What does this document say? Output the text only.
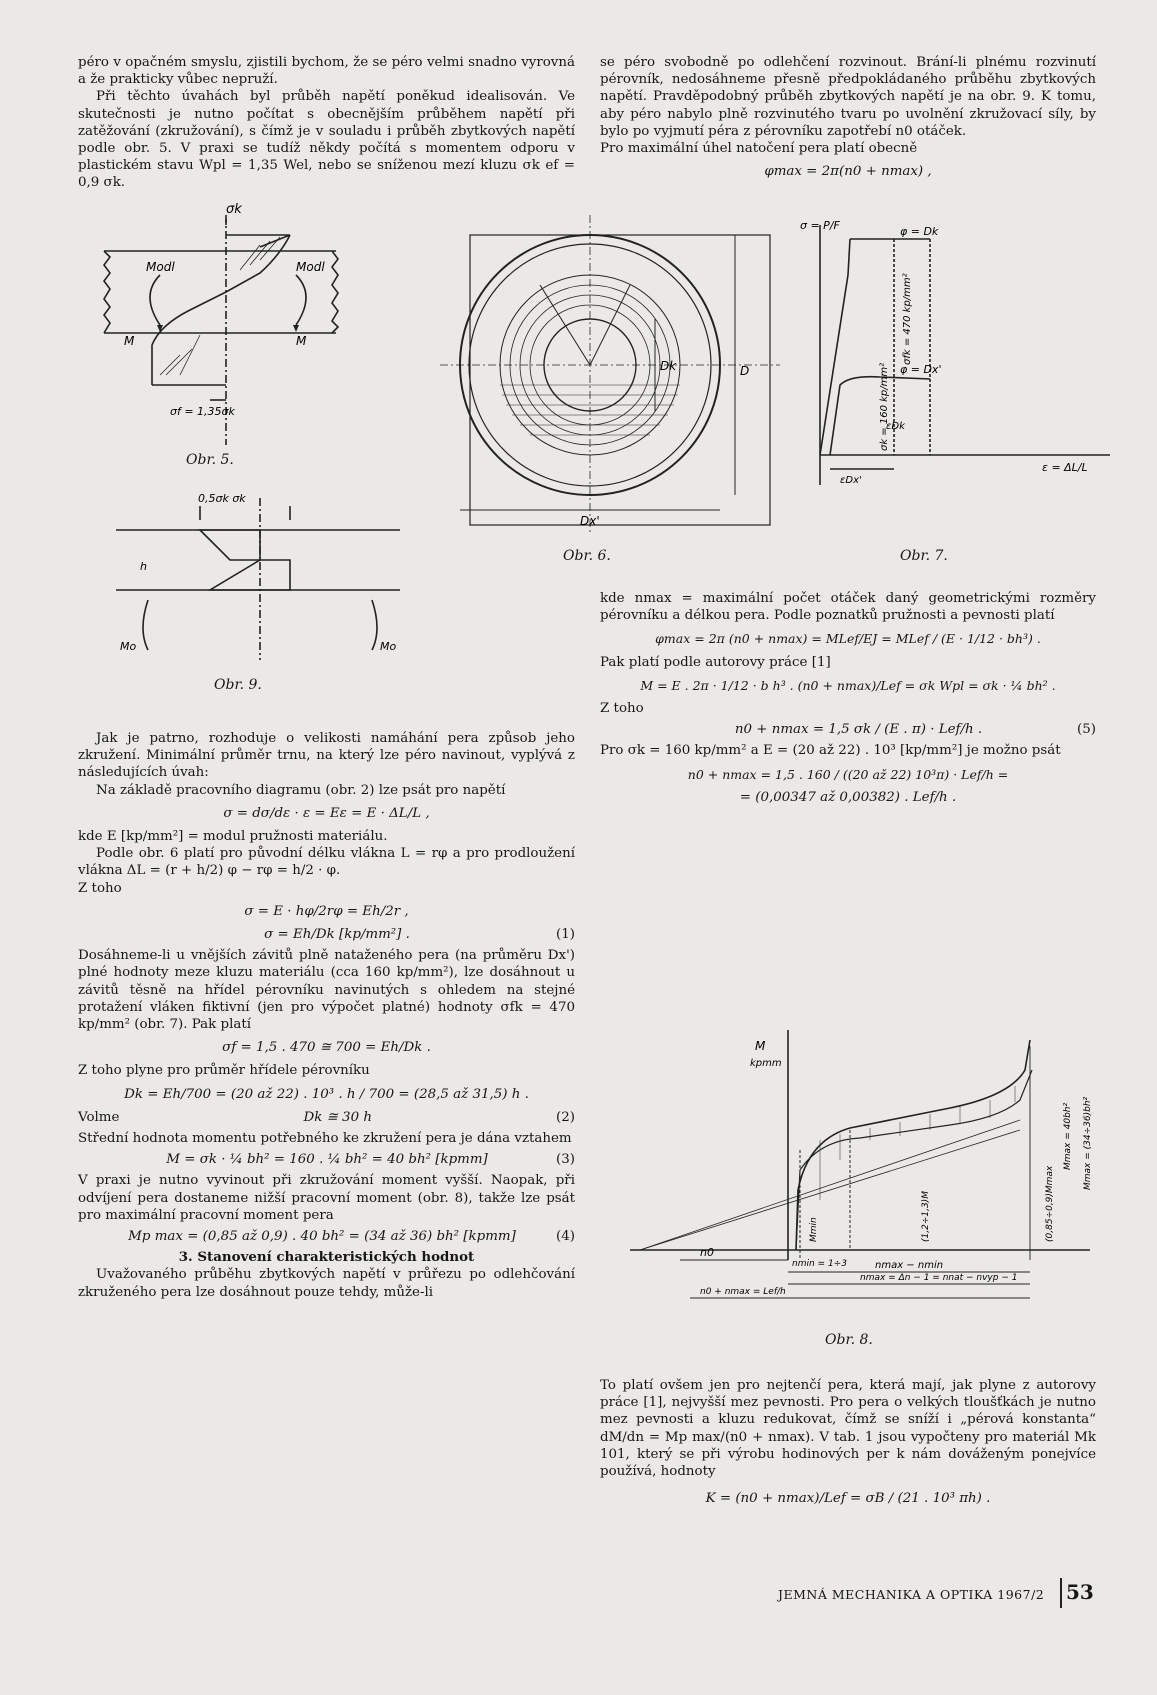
péro v opačném smyslu, zjistili bychom, že se péro velmi snadno vyrovná a že prakticky vůbec nepruží.

Při těchto úvahách byl průběh napětí poněkud idealisován. Ve skutečnosti je nutno počítat s obecnějším průběhem napětí při zatěžování (zkružování), s čímž je v souladu i průběh zbytkových napětí podle obr. 5. V praxi se tudíž někdy počítá s momentem odporu v plastickém stavu Wpl = 1,35 Wel, nebo se sníženou mezí kluzu σk ef = 0,9 σk.

σk
Modl	Modl
M	M
σf = 1,35σk
Obr. 5.
0,5σk σk
Mo	Mo
h
Obr. 9.

Jak je patrno, rozhoduje o velikosti namáhání pera způsob jeho zkružení. Minimální průměr trnu, na který lze péro navinout, vyplývá z následujících úvah:

Na základě pracovního diagramu (obr. 2) lze psát pro napětí

σ = dσ/dε · ε = Eε = E · ΔL/L ,

kde E [kp/mm²] = modul pružnosti materiálu.

Podle obr. 6 platí pro původní délku vlákna L = rφ a pro prodloužení vlákna ΔL = (r + h/2) φ − rφ = h/2 · φ.

Z toho

σ = E · hφ/2rφ = Eh/2r ,
σ = Eh/Dk [kp/mm²] .	(1)

Dosáhneme-li u vnějších závitů plně nataženého pera (na průměru Dx') plné hodnoty meze kluzu materiálu (cca 160 kp/mm²), lze dosáhnout u závitů těsně na hřídel pérovníku navinutých s ohledem na stejné protažení vláken fiktivní (jen pro výpočet platné) hodnoty σfk = 470 kp/mm² (obr. 7). Pak platí

σf = 1,5 . 470 ≅ 700 = Eh/Dk .

Z toho plyne pro průměr hřídele pérovníku

Dk = Eh/700 = (20 až 22) . 10³ . h / 700 = (28,5 až 31,5) h .
Volme	Dk ≅ 30 h	(2)

Střední hodnota momentu potřebného ke zkružení pera je dána vztahem

M = σk · ¼ bh² = 160 . ¼ bh² = 40 bh² [kpmm]	(3)

V praxi je nutno vyvinout při zkružování moment vyšší. Naopak, při odvíjení pera dostaneme nižší pracovní moment (obr. 8), takže lze psát pro maximální pracovní moment pera

Mp max = (0,85 až 0,9) . 40 bh² = (34 až 36) bh² [kpmm]	(4)

3. Stanovení charakteristických hodnot

Uvažovaného průběhu zbytkových napětí v průřezu po odlehčování zkruženého pera lze dosáhnout pouze tehdy, může-li

se péro svobodně po odlehčení rozvinout. Brání-li plnému rozvinutí pérovník, nedosáhneme přesně předpokládaného průběhu zbytkových napětí. Pravděpodobný průběh zbytkových napětí je na obr. 9. K tomu, aby péro nabylo plně rozvinutého tvaru po uvolnění zkružovací síly, by bylo po vyjmutí péra z pérovníku zapotřebí n0 otáček.

Pro maximální úhel natočení pera platí obecně

φmax = 2π(n0 + nmax) ,
Dk	D
Dx'
Obr. 6.
σ = P/F	φ = Dk
φ = Dx'
σfk = 470 kp/mm²
σk = 160 kp/mm²
εDx'
εDk
ε = ΔL/L
Obr. 7.

kde nmax = maximální počet otáček daný geometrickými rozměry pérovníku a délkou pera. Podle poznatků pružnosti a pevnosti platí

φmax = 2π (n0 + nmax) = MLef/EJ = MLef / (E · 1/12 · bh³) .

Pak platí podle autorovy práce [1]

M = E . 2π · 1/12 · b h³ . (n0 + nmax)/Lef = σk Wpl = σk · ¼ bh² .

Z toho

n0 + nmax = 1,5 σk / (E . π) · Lef/h .	(5)

Pro σk = 160 kp/mm² a E = (20 až 22) . 10³ [kp/mm²] je možno psát

n0 + nmax = 1,5 . 160 / ((20 až 22) 10³π) · Lef/h =
= (0,00347 až 0,00382) . Lef/h .
M
kpmm
n0
nmin = 1÷3	nmax − nmin
nmax = Δn − 1 = nnat − nvyp − 1
n0 + nmax = Lef/h
Mmin	(1,2÷1,3)M	(0,85÷0,9)Mmax
Mmax = 40bh² Mmax = (34÷36)bh²
Obr. 8.

To platí ovšem jen pro nejtenčí pera, která mají, jak plyne z autorovy práce [1], nejvyšší mez pevnosti. Pro pera o velkých tloušťkách je nutno mez pevnosti a kluzu redukovat, čímž se sníží i „pérová konstanta“ dM/dn = Mp max/(n0 + nmax). V tab. 1 jsou vypočteny pro materiál Mk 101, který se při výrobu hodinových per k nám dováženým ponejvíce používá, hodnoty

K = (n0 + nmax)/Lef = σB / (21 . 10³ πh) .
JEMNÁ MECHANIKA A OPTIKA 1967/2 53
